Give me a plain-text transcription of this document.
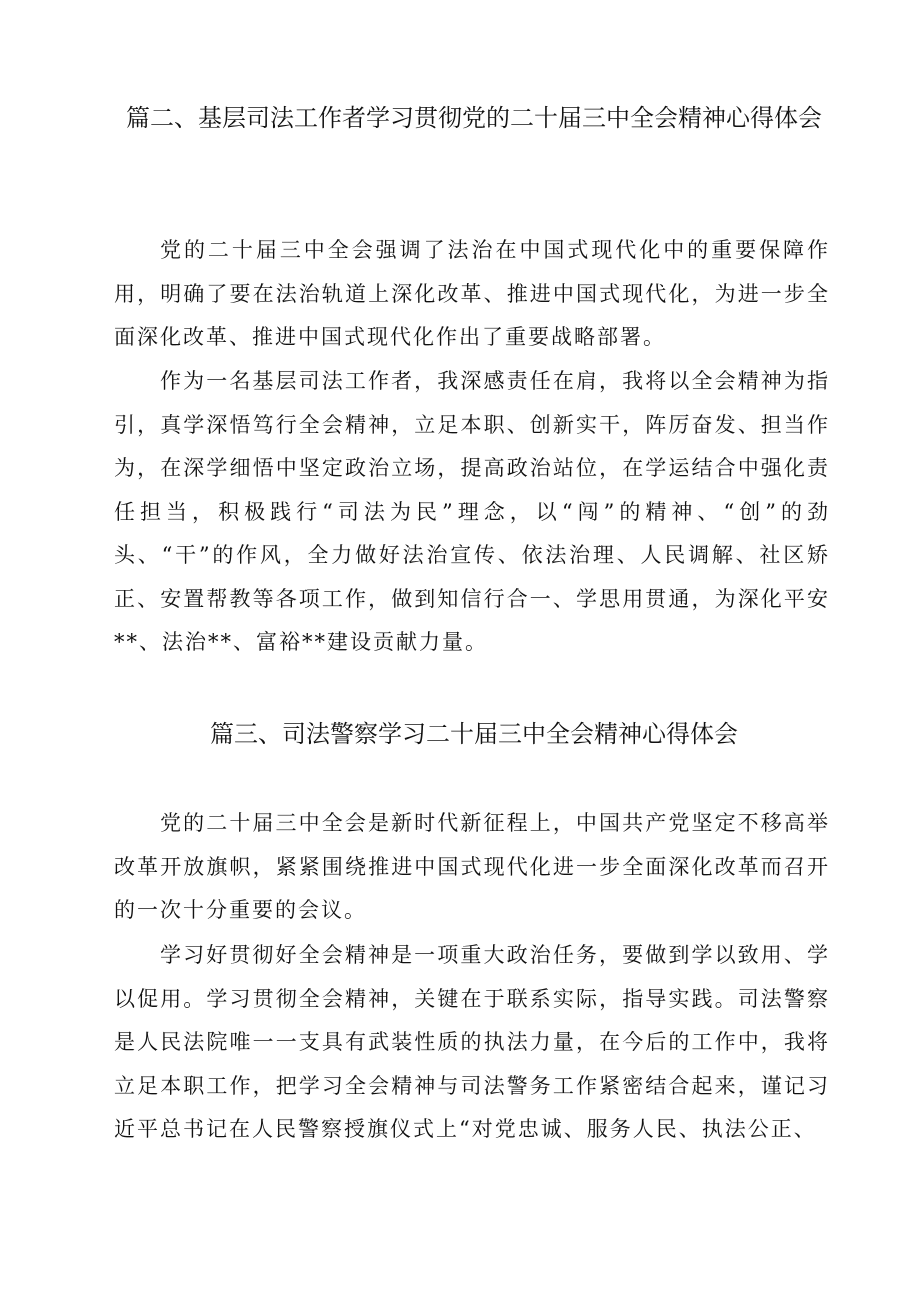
篇二、基层司法工作者学习贯彻党的二十届三中全会精神心得体会

党的二十届三中全会强调了法治在中国式现代化中的重要保障作用，明确了要在法治轨道上深化改革、推进中国式现代化，为进一步全面深化改革、推进中国式现代化作出了重要战略部署。

作为一名基层司法工作者，我深感责任在肩，我将以全会精神为指引，真学深悟笃行全会精神，立足本职、创新实干，阵厉奋发、担当作为，在深学细悟中坚定政治立场，提高政治站位，在学运结合中强化责任担当，积极践行“司法为民”理念，以“闯”的精神、“创”的劲头、“干”的作风，全力做好法治宣传、依法治理、人民调解、社区矫正、安置帮教等各项工作，做到知信行合一、学思用贯通，为深化平安**、法治**、富裕**建设贡献力量。

篇三、司法警察学习二十届三中全会精神心得体会

党的二十届三中全会是新时代新征程上，中国共产党坚定不移高举改革开放旗帜，紧紧围绕推进中国式现代化进一步全面深化改革而召开的一次十分重要的会议。

学习好贯彻好全会精神是一项重大政治任务，要做到学以致用、学以促用。学习贯彻全会精神，关键在于联系实际，指导实践。司法警察是人民法院唯一一支具有武装性质的执法力量，在今后的工作中，我将立足本职工作，把学习全会精神与司法警务工作紧密结合起来，谨记习近平总书记在人民警察授旗仪式上“对党忠诚、服务人民、执法公正、
